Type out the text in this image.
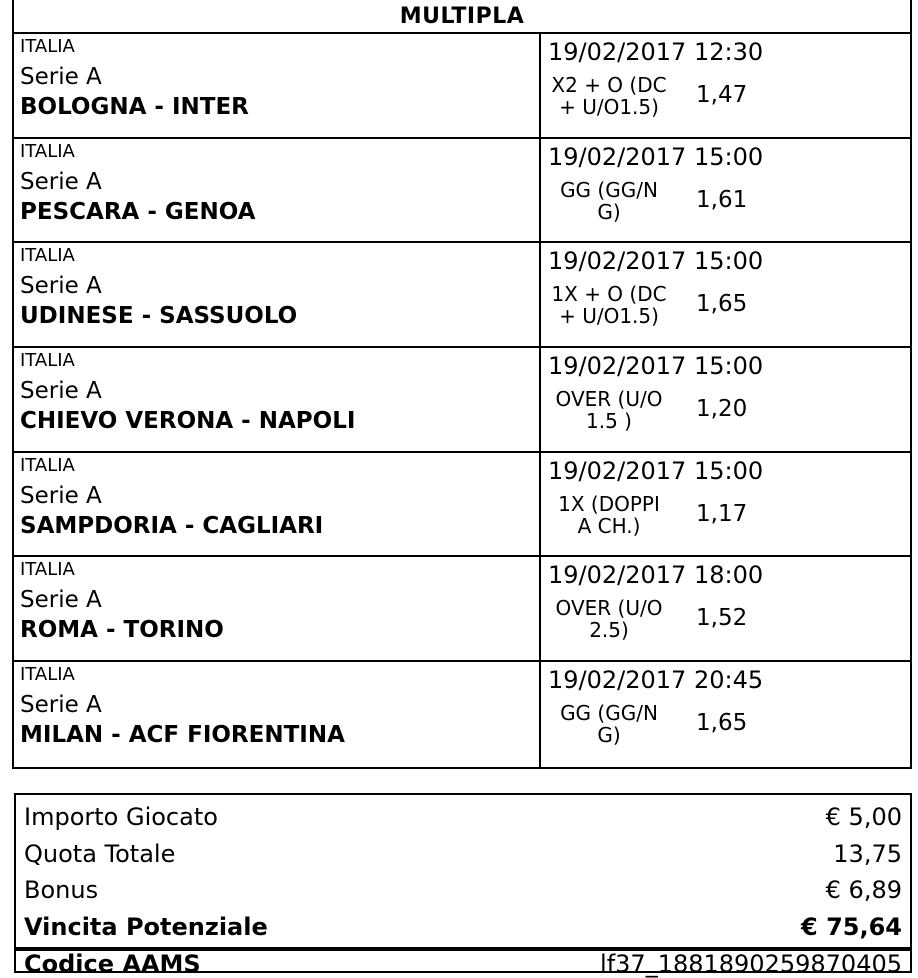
MULTIPLA
ITALIA
Serie A
BOLOGNA - INTER
19/02/2017 12:30
X2 + O (DC
+ U/O1.5)	1,47
ITALIA
Serie A
PESCARA - GENOA
19/02/2017 15:00
GG (GG/N
G)	1,61
ITALIA
Serie A
UDINESE - SASSUOLO
19/02/2017 15:00
1X + O (DC
+ U/O1.5)	1,65
ITALIA
Serie A
CHIEVO VERONA - NAPOLI
19/02/2017 15:00
OVER (U/O
1.5 )	1,20
ITALIA
Serie A
SAMPDORIA - CAGLIARI
19/02/2017 15:00
1X (DOPPI
A CH.)	1,17
ITALIA
Serie A
ROMA - TORINO
19/02/2017 18:00
OVER (U/O
2.5)	1,52
ITALIA
Serie A
MILAN - ACF FIORENTINA
19/02/2017 20:45
GG (GG/N
G)	1,65
Importo Giocato	€ 5,00
Quota Totale	13,75
Bonus	€ 6,89
Vincita Potenziale	€ 75,64
Codice AAMS	lf37_1881890259870405
